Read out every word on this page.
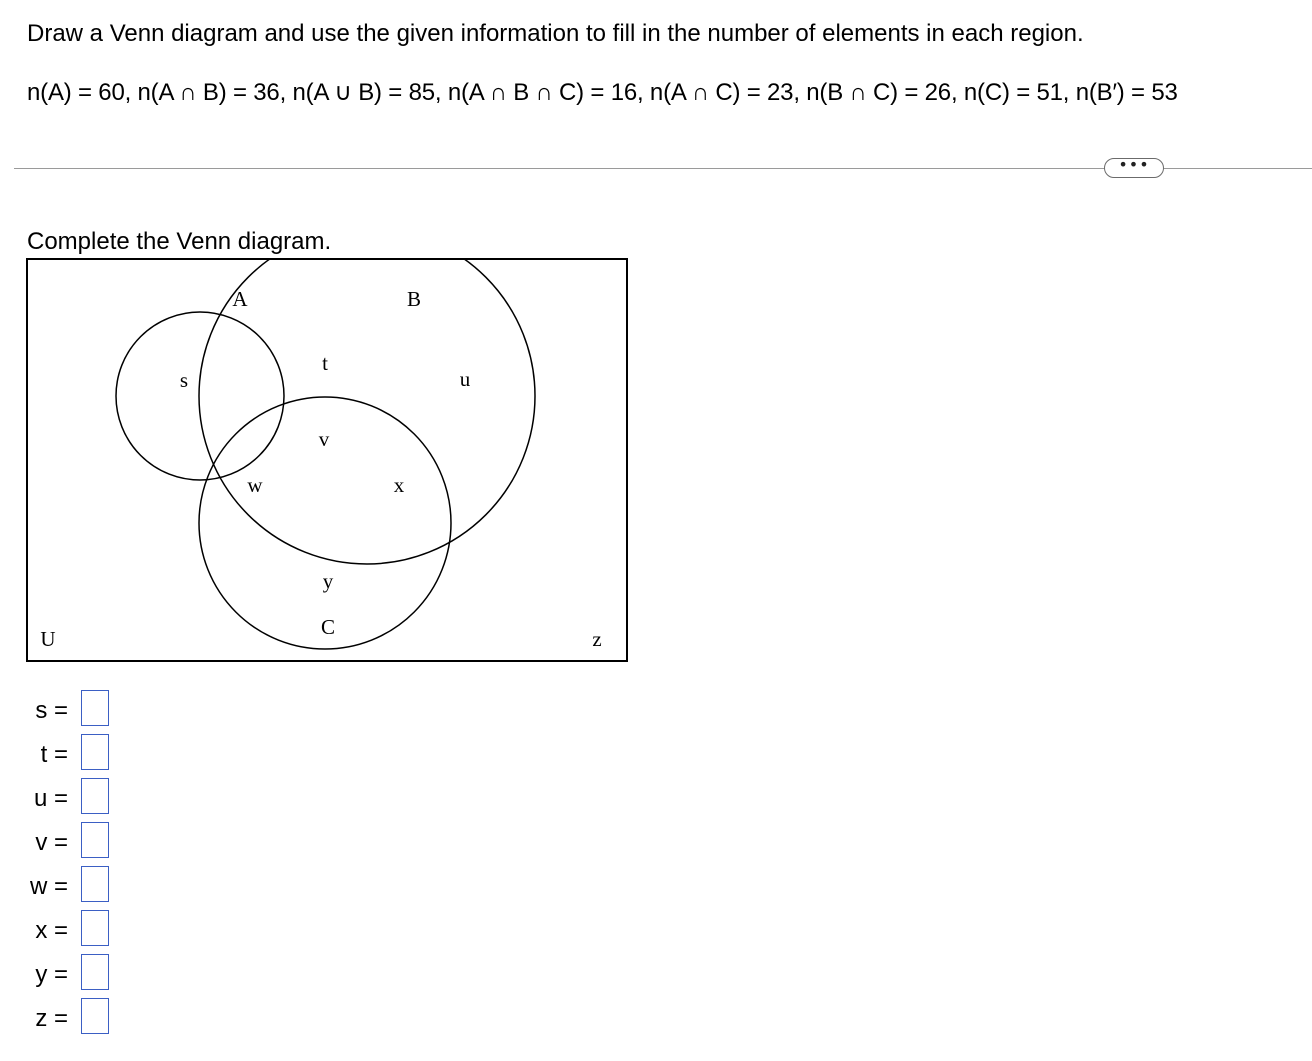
Draw a Venn diagram and use the given information to fill in the number of elements in each region.
n(A) = 60, n(A ∩ B) = 36, n(A ∪ B) = 85, n(A ∩ B ∩ C) = 16, n(A ∩ C) = 23, n(B ∩ C) = 26, n(C) = 51, n(B′) = 53
•••
Complete the Venn diagram.
A	B
C
U
s
t
u
v
w	x
y
z
s =
t =
u =
v =
w =
x =
y =
z =
